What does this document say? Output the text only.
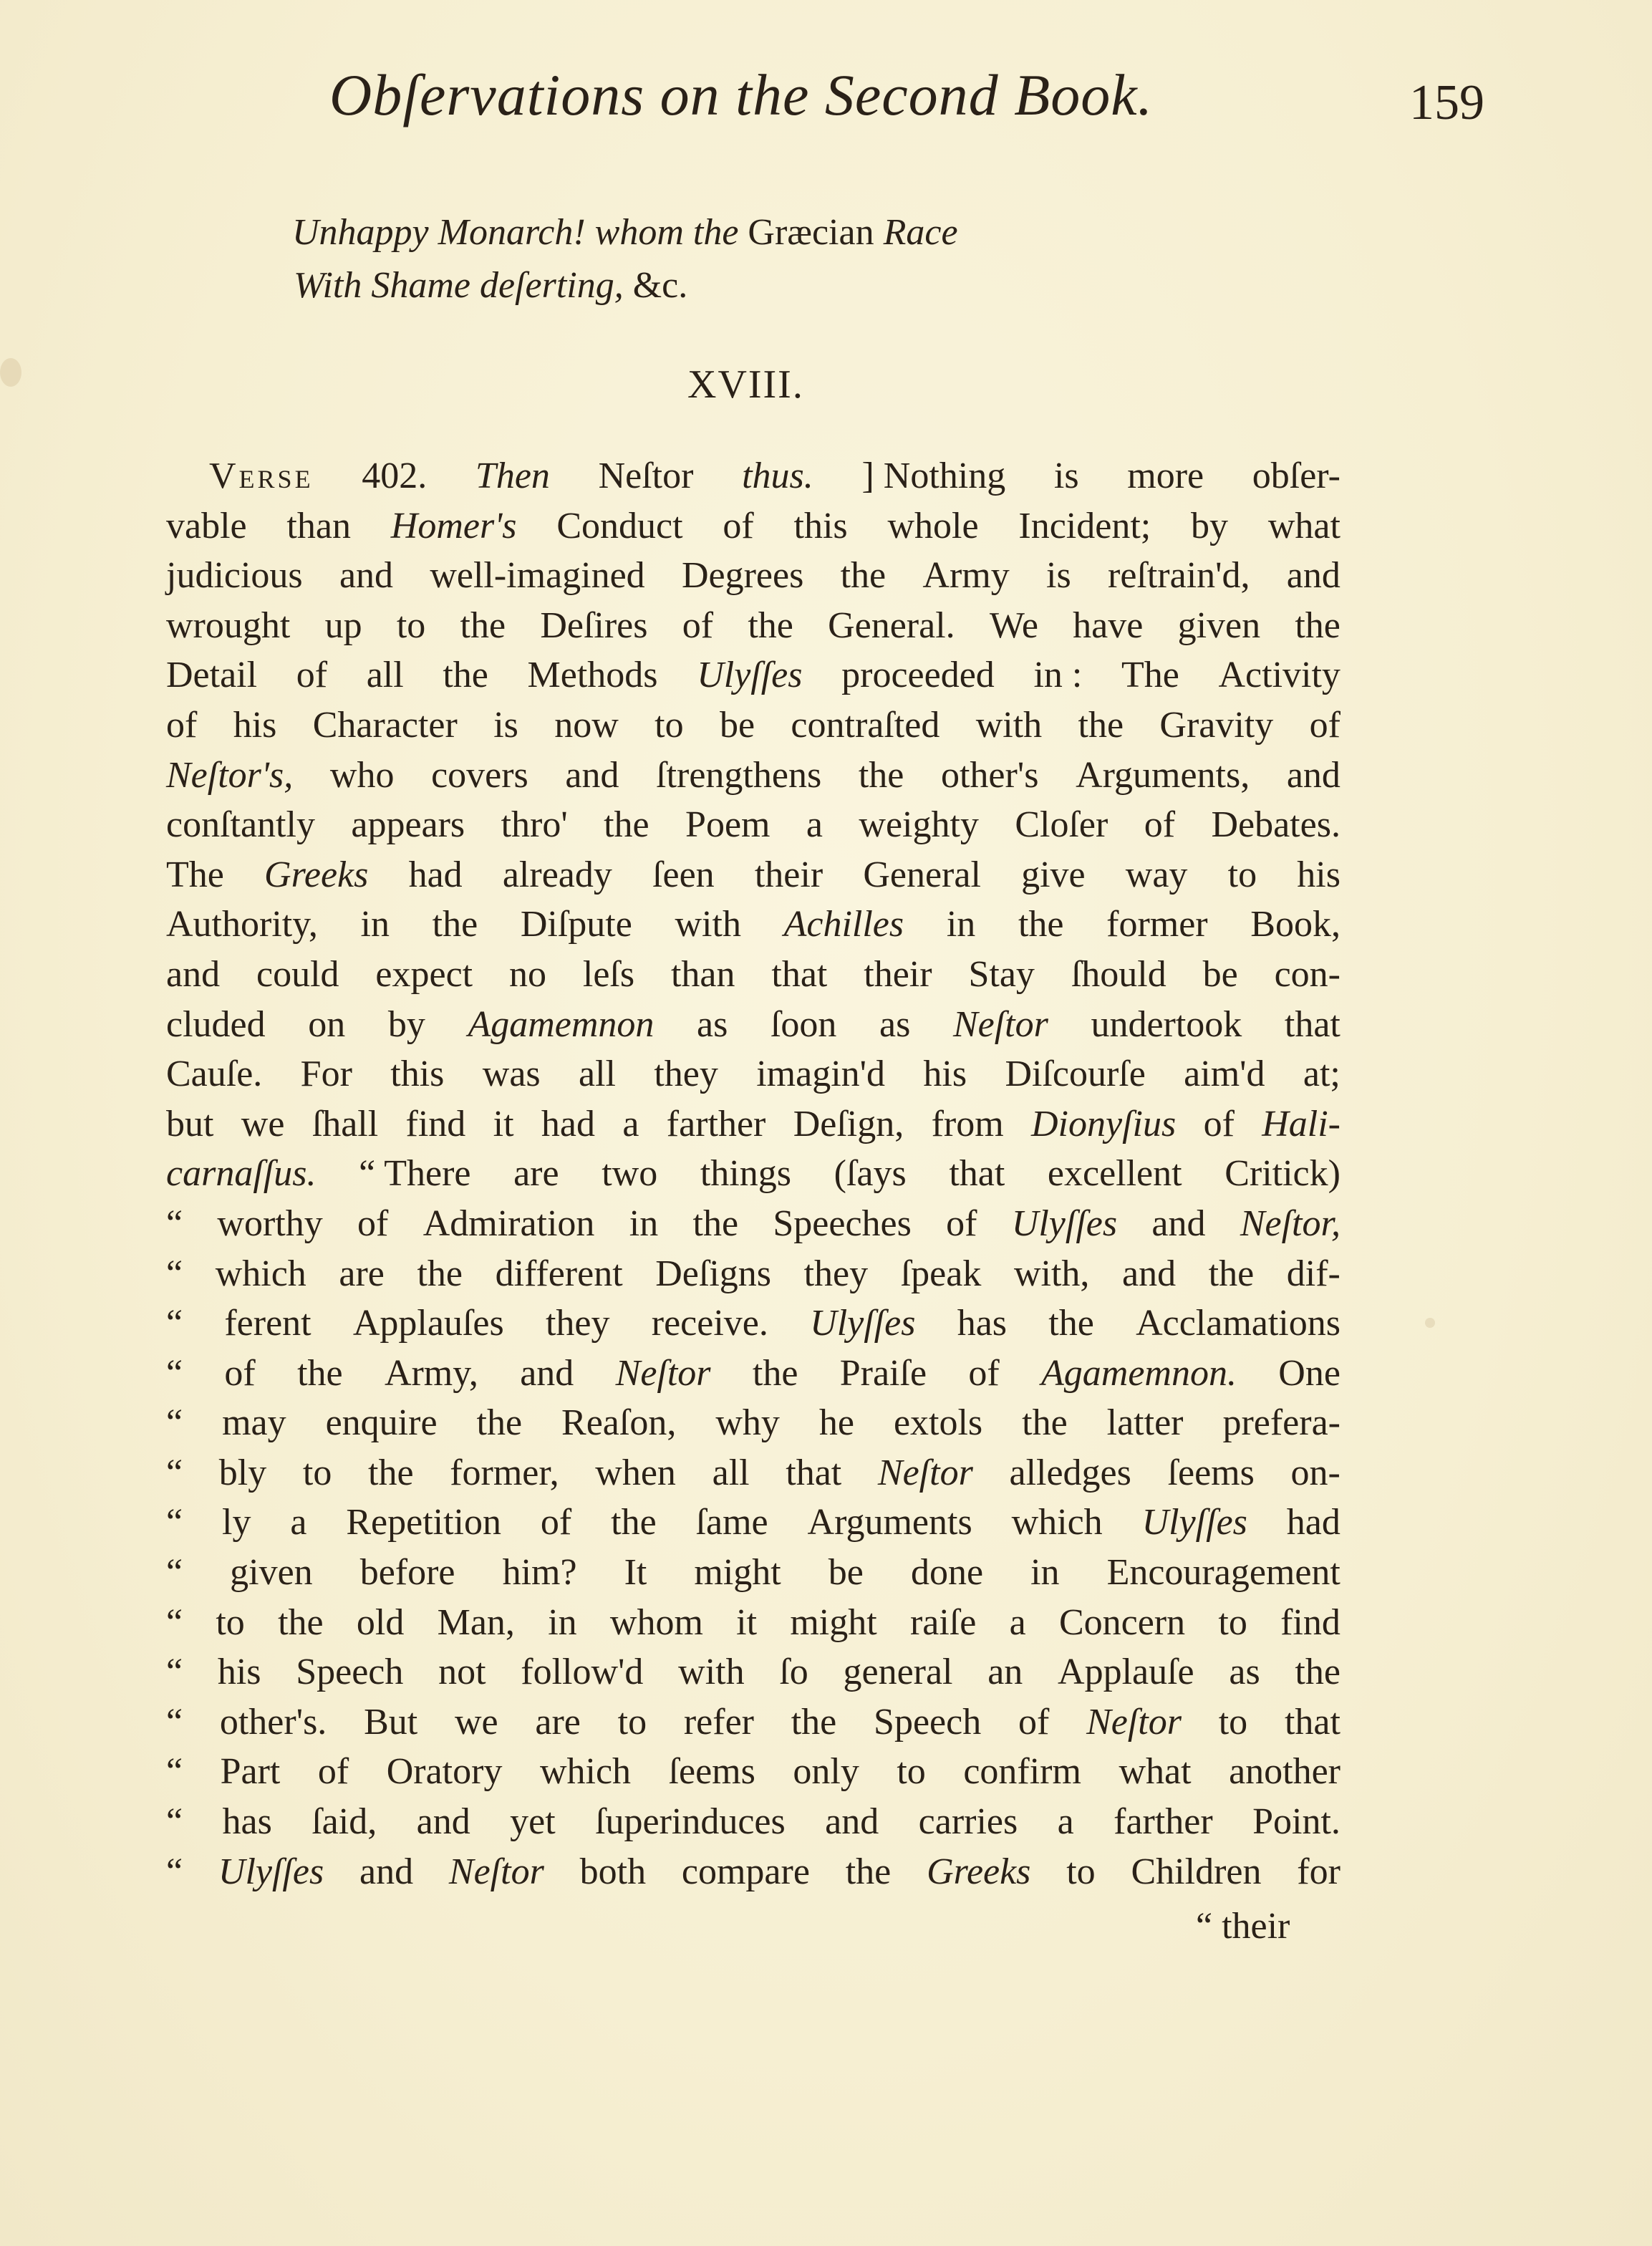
Obſervations on the Second Book.	159
Unhappy Monarch! whom the Græcian Race
With Shame deſerting, &c.
XVIII.
Verse 402. Then Neſtor thus. ] Nothing is more obſer-
vable than Homer's Conduct of this whole Incident; by what
judicious and well-imagined Degrees the Army is reſtrain'd, and
wrought up to the Deſires of the General. We have given the
Detail of all the Methods Ulyſſes proceeded in : The Activity
of his Character is now to be contraſted with the Gravity of
Neſtor's, who covers and ſtrengthens the other's Arguments, and
conſtantly appears thro' the Poem a weighty Cloſer of Debates.
The Greeks had already ſeen their General give way to his
Authority, in the Diſpute with Achilles in the former Book,
and could expect no leſs than that their Stay ſhould be con-
cluded on by Agamemnon as ſoon as Neſtor undertook that
Cauſe. For this was all they imagin'd his Diſcourſe aim'd at;
but we ſhall find it had a farther Deſign, from Dionyſius of Hali-
carnaſſus. “ There are two things (ſays that excellent Critick)
“ worthy of Admiration in the Speeches of Ulyſſes and Neſtor,
“ which are the different Deſigns they ſpeak with, and the dif-
“ ferent Applauſes they receive. Ulyſſes has the Acclamations
“ of the Army, and Neſtor the Praiſe of Agamemnon. One
“ may enquire the Reaſon, why he extols the latter prefera-
“ bly to the former, when all that Neſtor alledges ſeems on-
“ ly a Repetition of the ſame Arguments which Ulyſſes had
“ given before him? It might be done in Encouragement
“ to the old Man, in whom it might raiſe a Concern to find
“ his Speech not follow'd with ſo general an Applauſe as the
“ other's. But we are to refer the Speech of Neſtor to that
“ Part of Oratory which ſeems only to confirm what another
“ has ſaid, and yet ſuperinduces and carries a farther Point.
“ Ulyſſes and Neſtor both compare the Greeks to Children for
“ their
